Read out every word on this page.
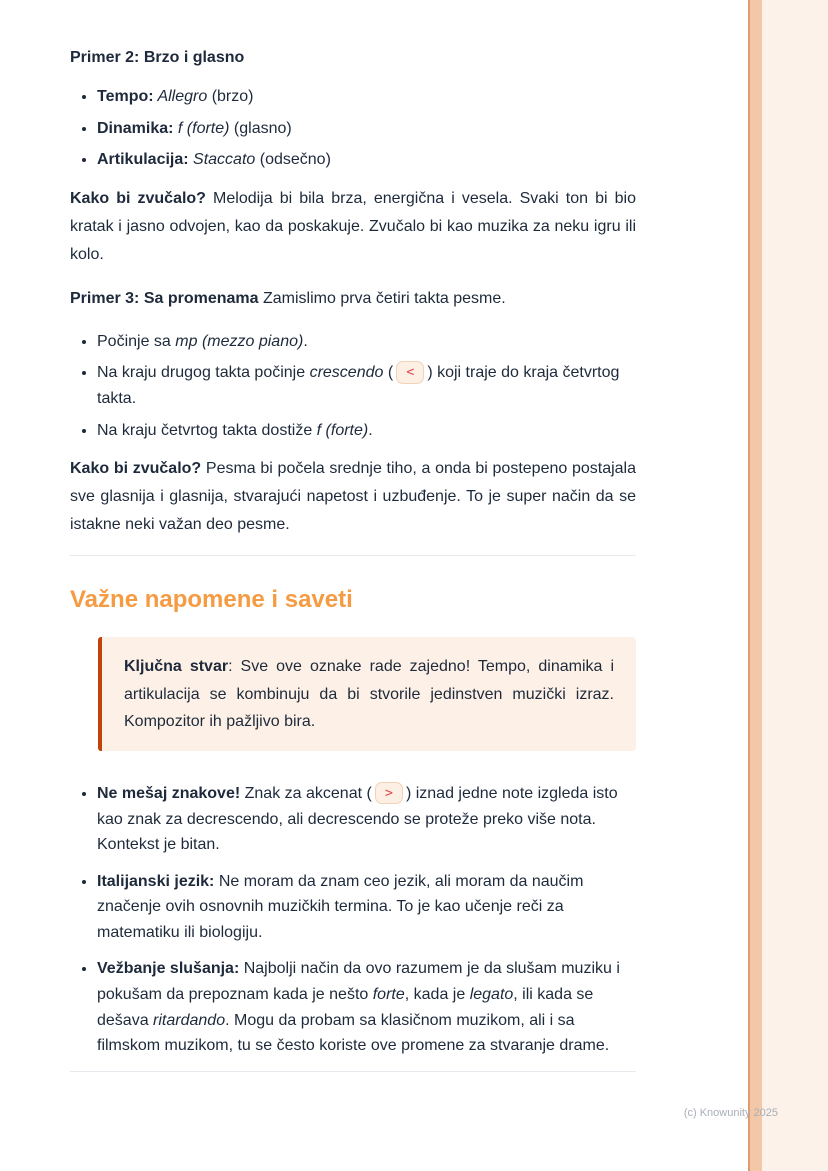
Primer 2: Brzo i glasno

• Tempo: Allegro (brzo)
• Dinamika: f (forte) (glasno)
• Artikulacija: Staccato (odsečno)

Kako bi zvučalo? Melodija bi bila brza, energična i vesela. Svaki ton bi bio kratak i jasno odvojen, kao da poskakuje. Zvučalo bi kao muzika za neku igru ili kolo.

Primer 3: Sa promenama Zamislimo prva četiri takta pesme.

• Počinje sa mp (mezzo piano).
• Na kraju drugog takta počinje crescendo ( < ) koji traje do kraja četvrtog takta.
• Na kraju četvrtog takta dostiže f (forte).

Kako bi zvučalo? Pesma bi počela srednje tiho, a onda bi postepeno postajala sve glasnija i glasnija, stvarajući napetost i uzbuđenje. To je super način da se istakne neki važan deo pesme.

Važne napomene i saveti

Ključna stvar: Sve ove oznake rade zajedno! Tempo, dinamika i artikulacija se kombinuju da bi stvorile jedinstven muzički izraz. Kompozitor ih pažljivo bira.

• Ne mešaj znakove! Znak za akcenat ( > ) iznad jedne note izgleda isto kao znak za decrescendo, ali decrescendo se proteže preko više nota. Kontekst je bitan.
• Italijanski jezik: Ne moram da znam ceo jezik, ali moram da naučim značenje ovih osnovnih muzičkih termina. To je kao učenje reči za matematiku ili biologiju.
• Vežbanje slušanja: Najbolji način da ovo razumem je da slušam muziku i pokušam da prepoznam kada je nešto forte, kada je legato, ili kada se dešava ritardando. Mogu da probam sa klasičnom muzikom, ali i sa filmskom muzikom, tu se često koriste ove promene za stvaranje drame.
(c) Knowunity 2025
